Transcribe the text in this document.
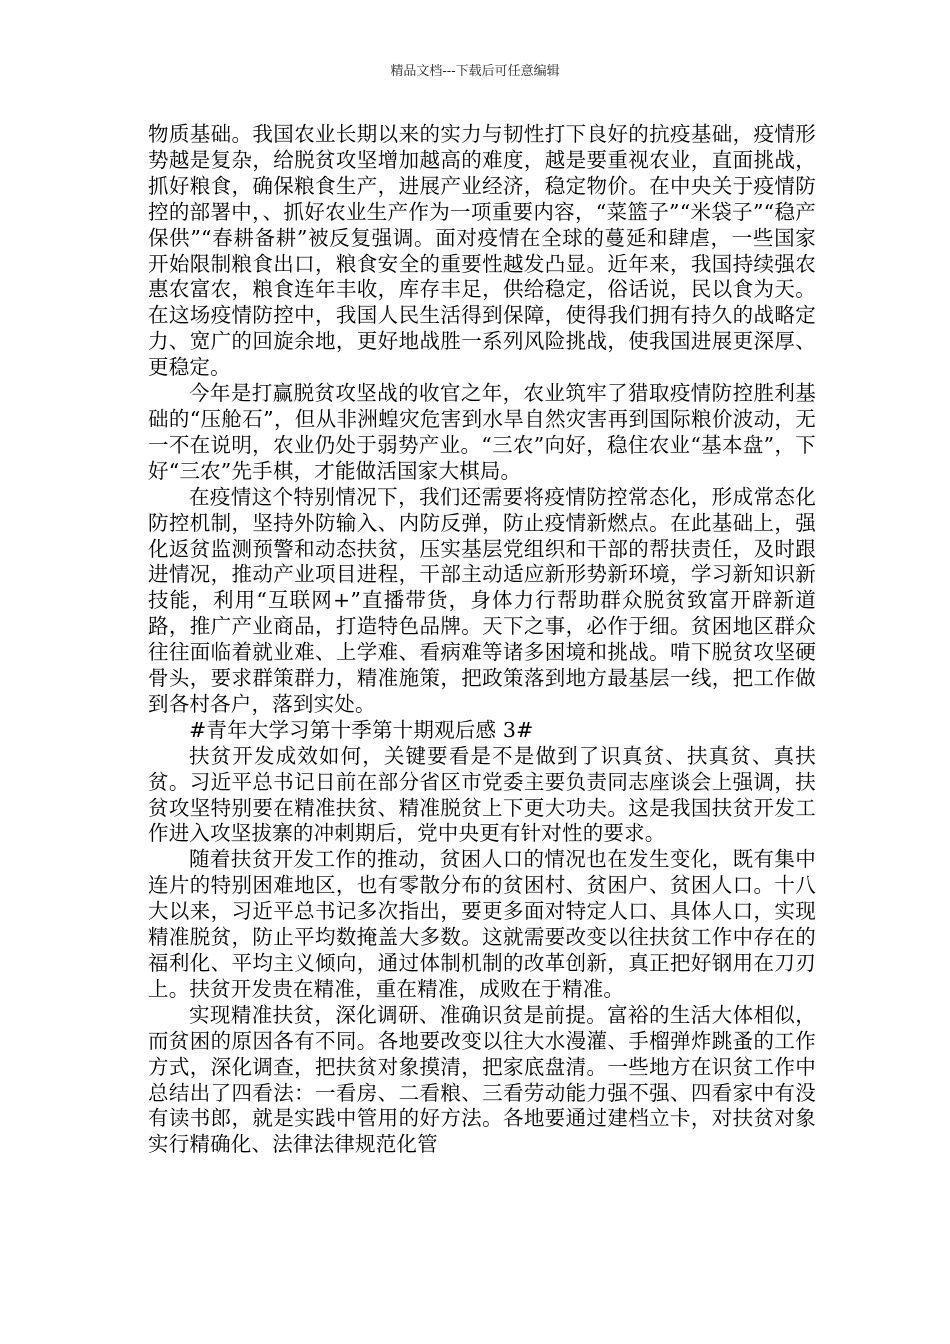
精品文档---下载后可任意编辑

物质基础。我国农业长期以来的实力与韧性打下良好的抗疫基础，疫情形势越是复杂，给脱贫攻坚增加越高的难度，越是要重视农业，直面挑战，抓好粮食，确保粮食生产，进展产业经济，稳定物价。在中央关于疫情防控的部署中，、抓好农业生产作为一项重要内容，“菜篮子”“米袋子”“稳产保供”“春耕备耕”被反复强调。面对疫情在全球的蔓延和肆虐，一些国家开始限制粮食出口，粮食安全的重要性越发凸显。近年来，我国持续强农惠农富农，粮食连年丰收，库存丰足，供给稳定，俗话说，民以食为天。在这场疫情防控中，我国人民生活得到保障，使得我们拥有持久的战略定力、宽广的回旋余地，更好地战胜一系列风险挑战，使我国进展更深厚、更稳定。

今年是打赢脱贫攻坚战的收官之年，农业筑牢了猎取疫情防控胜利基础的“压舱石”，但从非洲蝗灾危害到水旱自然灾害再到国际粮价波动，无一不在说明，农业仍处于弱势产业。“三农”向好，稳住农业“基本盘”，下好“三农”先手棋，才能做活国家大棋局。

在疫情这个特别情况下，我们还需要将疫情防控常态化，形成常态化防控机制，坚持外防输入、内防反弹，防止疫情新燃点。在此基础上，强化返贫监测预警和动态扶贫，压实基层党组织和干部的帮扶责任，及时跟进情况，推动产业项目进程，干部主动适应新形势新环境，学习新知识新技能，利用“互联网+”直播带货，身体力行帮助群众脱贫致富开辟新道路，推广产业商品，打造特色品牌。天下之事，必作于细。贫困地区群众往往面临着就业难、上学难、看病难等诸多困境和挑战。啃下脱贫攻坚硬骨头，要求群策群力，精准施策，把政策落到地方最基层一线，把工作做到各村各户，落到实处。

#青年大学习第十季第十期观后感 3#

扶贫开发成效如何，关键要看是不是做到了识真贫、扶真贫、真扶贫。习近平总书记日前在部分省区市党委主要负责同志座谈会上强调，扶贫攻坚特别要在精准扶贫、精准脱贫上下更大功夫。这是我国扶贫开发工作进入攻坚拔寨的冲刺期后，党中央更有针对性的要求。

随着扶贫开发工作的推动，贫困人口的情况也在发生变化，既有集中连片的特别困难地区，也有零散分布的贫困村、贫困户、贫困人口。十八大以来，习近平总书记多次指出，要更多面对特定人口、具体人口，实现精准脱贫，防止平均数掩盖大多数。这就需要改变以往扶贫工作中存在的福利化、平均主义倾向，通过体制机制的改革创新，真正把好钢用在刀刃上。扶贫开发贵在精准，重在精准，成败在于精准。

实现精准扶贫，深化调研、准确识贫是前提。富裕的生活大体相似，而贫困的原因各有不同。各地要改变以往大水漫灌、手榴弹炸跳蚤的工作方式，深化调查，把扶贫对象摸清，把家底盘清。一些地方在识贫工作中总结出了四看法：一看房、二看粮、三看劳动能力强不强、四看家中有没有读书郎，就是实践中管用的好方法。各地要通过建档立卡，对扶贫对象实行精确化、法律法律规范化管
